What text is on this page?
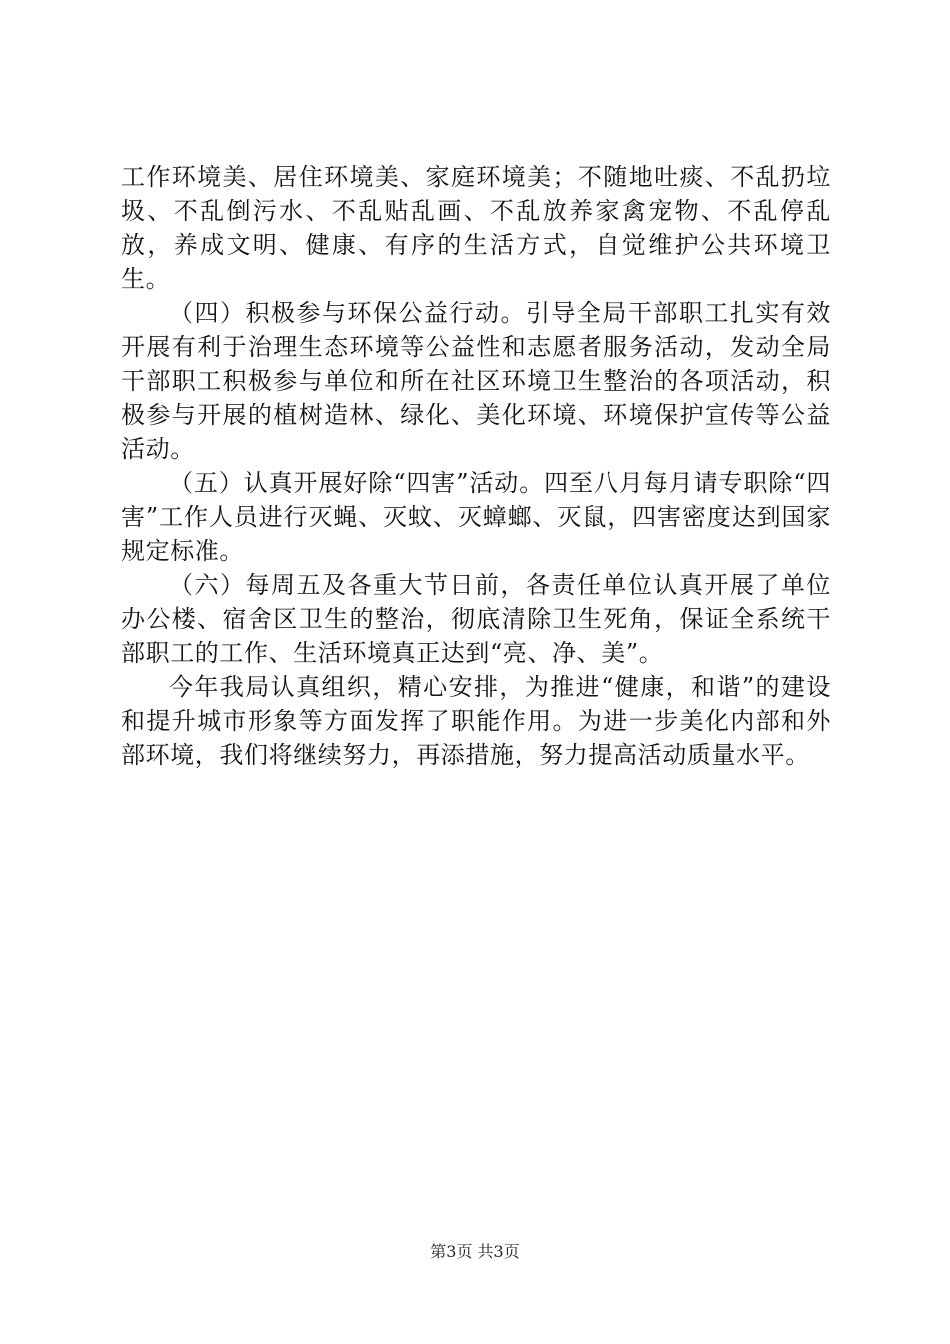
工作环境美、居住环境美、家庭环境美；不随地吐痰、不乱扔垃圾、不乱倒污水、不乱贴乱画、不乱放养家禽宠物、不乱停乱放，养成文明、健康、有序的生活方式，自觉维护公共环境卫生。

（四）积极参与环保公益行动。引导全局干部职工扎实有效开展有利于治理生态环境等公益性和志愿者服务活动，发动全局干部职工积极参与单位和所在社区环境卫生整治的各项活动，积极参与开展的植树造林、绿化、美化环境、环境保护宣传等公益活动。

（五）认真开展好除“四害”活动。四至八月每月请专职除“四害”工作人员进行灭蝇、灭蚊、灭蟑螂、灭鼠，四害密度达到国家规定标准。

（六）每周五及各重大节日前，各责任单位认真开展了单位办公楼、宿舍区卫生的整治，彻底清除卫生死角，保证全系统干部职工的工作、生活环境真正达到“亮、净、美”。

今年我局认真组织，精心安排，为推进“健康，和谐”的建设和提升城市形象等方面发挥了职能作用。为进一步美化内部和外部环境，我们将继续努力，再添措施，努力提高活动质量水平。

第3页 共3页
